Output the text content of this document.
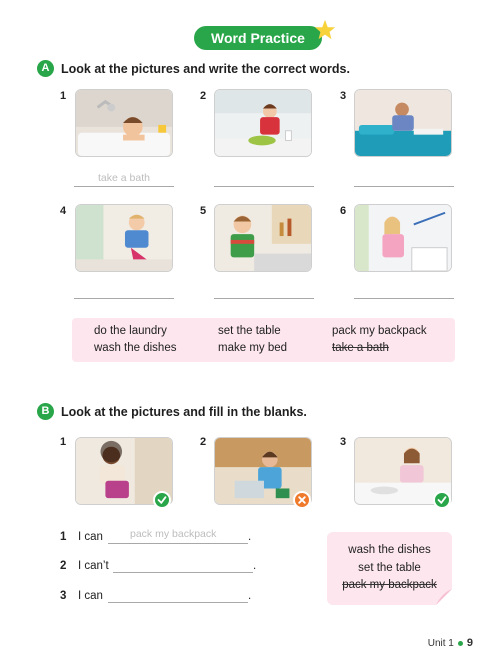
Word Practice
A Look at the pictures and write the correct words.
1	2	3
4	5	6
take a bath
do the laundry	set the table	pack my backpack
wash the dishes	make my bed	take a bath
B Look at the pictures and fill in the blanks.
1	2	3
1 I can	pack my backpack	.
2 I can’t	.
3 I can	.
wash the dishes
set the table
pack my backpack
Unit 1 9
